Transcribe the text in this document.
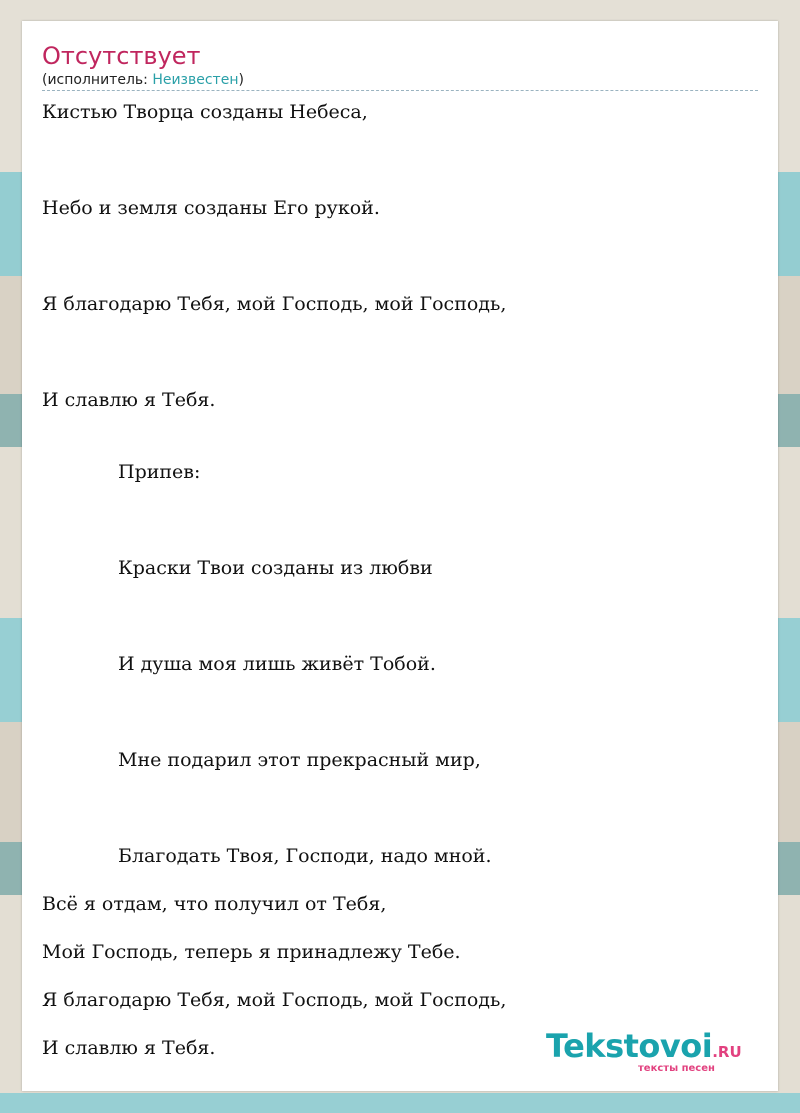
Отсутствует
(исполнитель: Неизвестен)
Кистью Творца созданы Небеса,
Небо и земля созданы Его рукой.
Я благодарю Тебя, мой Господь, мой Господь,
И славлю я Тебя.
Припев:
Краски Твои созданы из любви
И душа моя лишь живёт Тобой.
Мне подарил этот прекрасный мир,
Благодать Твоя, Господи, надо мной.
Всё я отдам, что получил от Тебя,
Мой Господь, теперь я принадлежу Тебе.
Я благодарю Тебя, мой Господь, мой Господь,
И славлю я Тебя.	Tekstovoi.RU
тексты песен
